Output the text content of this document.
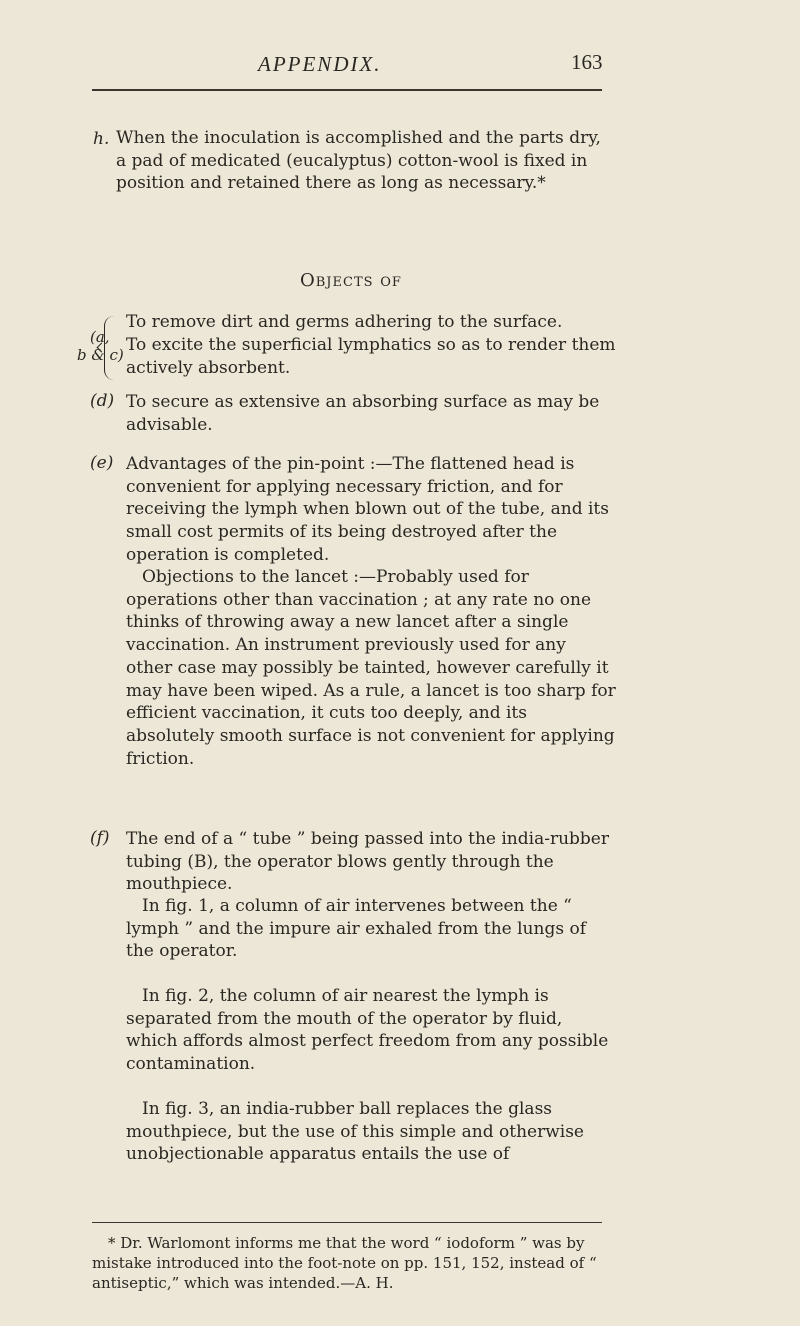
APPENDIX.	163
h. When the inoculation is accomplished and the parts dry, a pad of medicated (eucalyptus) cotton-wool is fixed in position and retained there as long as necessary.*

Objects of
(a,
b & c)

To remove dirt and germs adhering to the surface.

To excite the superficial lymphatics so as to render them actively absorbent.

(d) To secure as extensive an absorbing surface as may be advisable.

(e) Advantages of the pin-point :—The flattened head is convenient for applying necessary friction, and for receiving the lymph when blown out of the tube, and its small cost permits of its being destroyed after the operation is completed.

Objections to the lancet :—Probably used for operations other than vaccination ; at any rate no one thinks of throwing away a new lancet after a single vaccination. An instrument previously used for any other case may possibly be tainted, however carefully it may have been wiped. As a rule, a lancet is too sharp for efficient vaccination, it cuts too deeply, and its absolutely smooth surface is not convenient for applying friction.

(f) The end of a “ tube ” being passed into the india-rubber tubing (B), the operator blows gently through the mouthpiece.

In fig. 1, a column of air intervenes between the “ lymph ” and the impure air exhaled from the lungs of the operator.

In fig. 2, the column of air nearest the lymph is separated from the mouth of the operator by fluid, which affords almost perfect freedom from any possible contamination.

In fig. 3, an india-rubber ball replaces the glass mouthpiece, but the use of this simple and otherwise unobjectionable apparatus entails the use of

* Dr. Warlomont informs me that the word “ iodoform ” was by mistake introduced into the foot-note on pp. 151, 152, instead of “ antiseptic,” which was intended.—A. H.
